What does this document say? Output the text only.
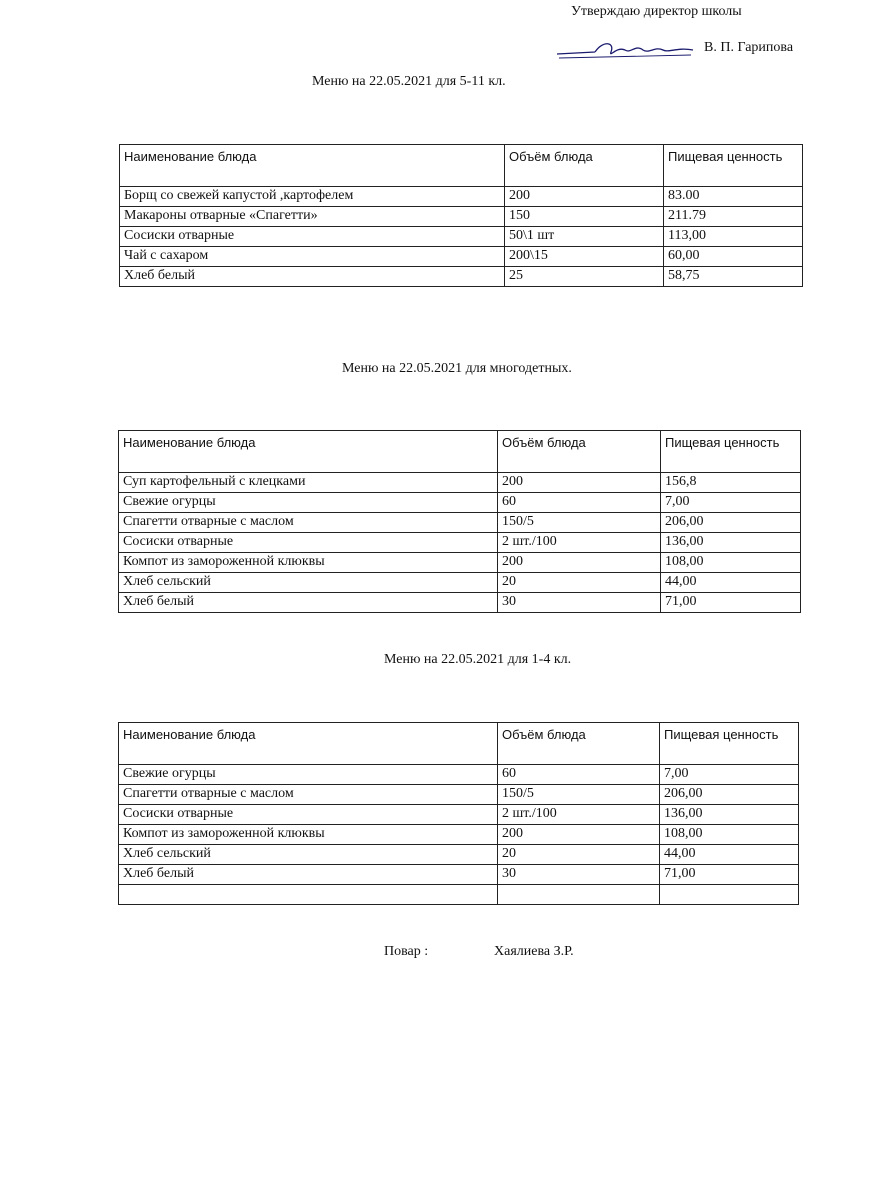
Утверждаю директор школы
В. П. Гарипова
Меню на 22.05.2021 для 5-11 кл.
Наименование блюда	Объём блюда	Пищевая ценность
Борщ со свежей капустой ,картофелем	200	83.00
Макароны отварные «Спагетти»	150	211.79
Сосиски отварные	50\1 шт	113,00
Чай с сахаром	200\15	60,00
Хлеб белый	25	58,75
Меню на 22.05.2021 для многодетных.
Наименование блюда	Объём блюда	Пищевая ценность
Суп картофельный с клецками	200	156,8
Свежие огурцы	60	7,00
Спагетти отварные с маслом	150/5	206,00
Сосиски отварные	2 шт./100	136,00
Компот из замороженной клюквы	200	108,00
Хлеб сельский	20	44,00
Хлеб белый	30	71,00
Меню на 22.05.2021 для 1-4 кл.
Наименование блюда	Объём блюда	Пищевая ценность
Свежие огурцы	60	7,00
Спагетти отварные с маслом	150/5	206,00
Сосиски отварные	2 шт./100	136,00
Компот из замороженной клюквы	200	108,00
Хлеб сельский	20	44,00
Хлеб белый	30	71,00

Повар :	Хаялиева З.Р.
